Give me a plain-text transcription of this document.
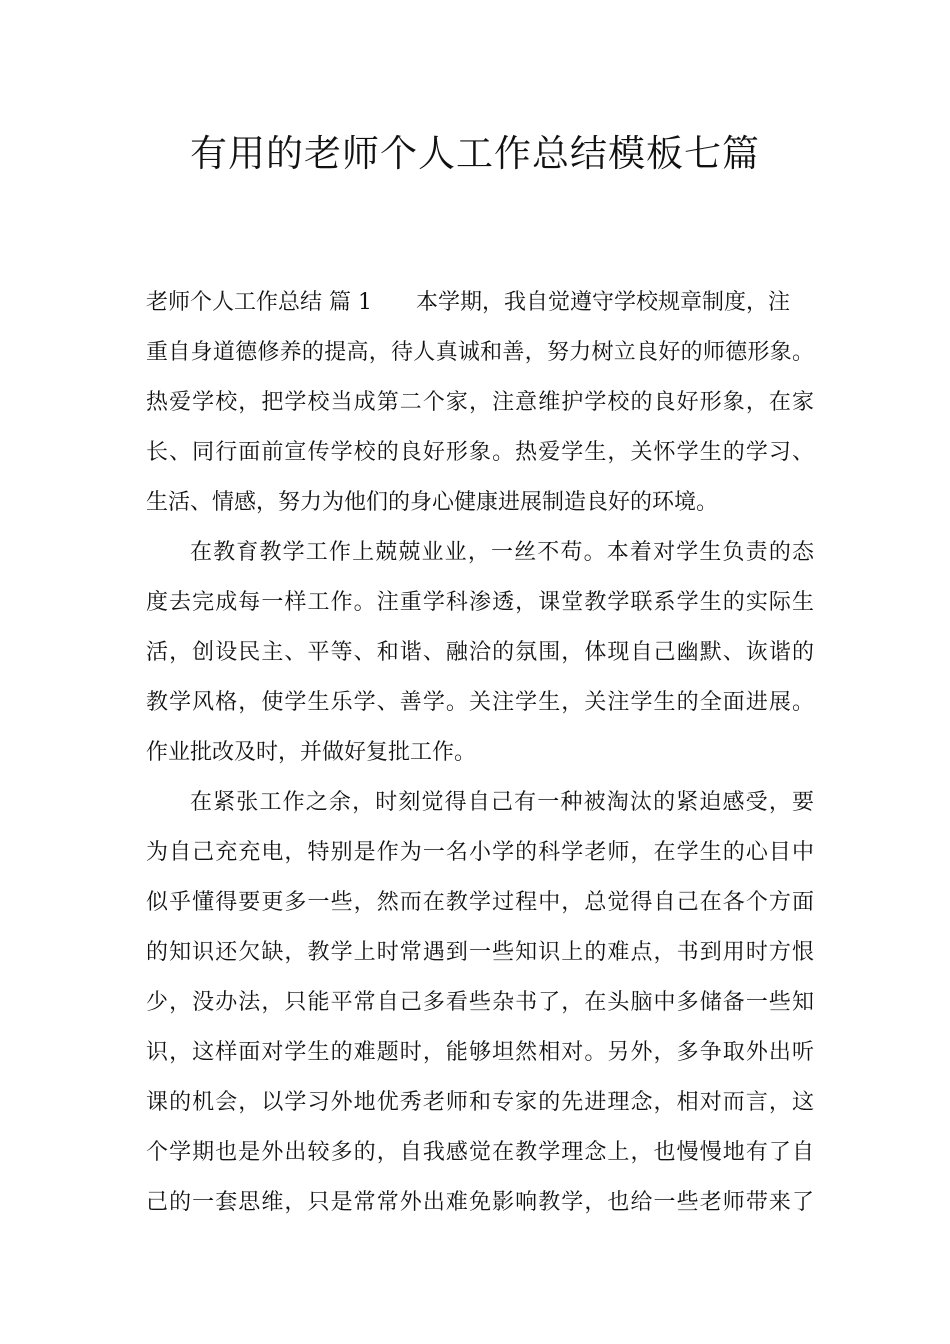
有用的老师个人工作总结模板七篇
老师个人工作总结 篇 1 本学期，我自觉遵守学校规章制度，注
重自身道德修养的提高，待人真诚和善，努力树立良好的师德形象。
热爱学校，把学校当成第二个家，注意维护学校的良好形象，在家
长、同行面前宣传学校的良好形象。热爱学生，关怀学生的学习、
生活、情感，努力为他们的身心健康进展制造良好的环境。
在教育教学工作上兢兢业业，一丝不苟。本着对学生负责的态
度去完成每一样工作。注重学科渗透，课堂教学联系学生的实际生
活，创设民主、平等、和谐、融洽的氛围，体现自己幽默、诙谐的
教学风格，使学生乐学、善学。关注学生，关注学生的全面进展。
作业批改及时，并做好复批工作。
在紧张工作之余，时刻觉得自己有一种被淘汰的紧迫感受，要
为自己充充电，特别是作为一名小学的科学老师，在学生的心目中
似乎懂得要更多一些，然而在教学过程中，总觉得自己在各个方面
的知识还欠缺，教学上时常遇到一些知识上的难点，书到用时方恨
少，没办法，只能平常自己多看些杂书了，在头脑中多储备一些知
识，这样面对学生的难题时，能够坦然相对。另外，多争取外出听
课的机会，以学习外地优秀老师和专家的先进理念，相对而言，这
个学期也是外出较多的，自我感觉在教学理念上，也慢慢地有了自
己的一套思维，只是常常外出难免影响教学，也给一些老师带来了
